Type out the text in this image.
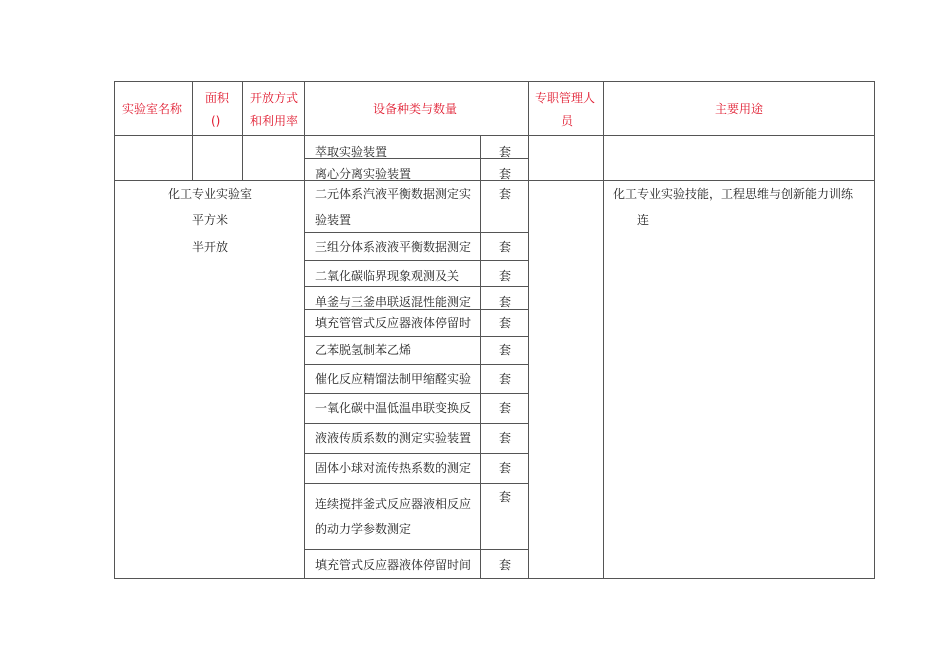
实验室名称
面积
()
开放方式
和利用率
设备种类与数量
专职管理人
员
主要用途
化工专业实验室
平方米
半开放
化工专业实验技能，工程思维与创新能力训练
连
萃取实验装置
离心分离实验装置
二元体系汽液平衡数据测定实
验装置
三组分体系液液平衡数据测定
二氧化碳临界现象观测及关
单釜与三釜串联返混性能测定
填充管管式反应器液体停留时
乙苯脱氢制苯乙烯
催化反应精馏法制甲缩醛实验
一氧化碳中温低温串联变换反
液液传质系数的测定实验装置
固体小球对流传热系数的测定
连续搅拌釜式反应器液相反应
的动力学参数测定
填充管式反应器液体停留时间
套
套
套
套
套
套
套
套
套
套
套
套
套
套
